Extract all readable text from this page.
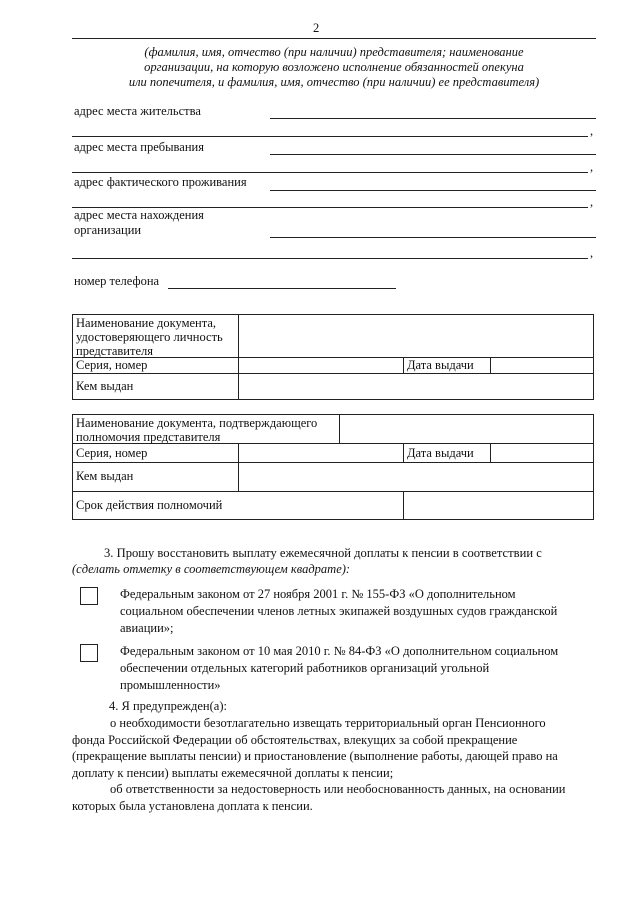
2
(фамилия, имя, отчество (при наличии) представителя; наименование
организации, на которую возложено исполнение обязанностей опекуна
или попечителя, и фамилия, имя, отчество (при наличии) ее представителя)
адрес места жительства
,
адрес места пребывания
,
адрес фактического проживания
,
адрес места нахождения
организации
,
номер телефона
Наименование документа,
удостоверяющего личность
представителя
Серия, номер	Дата выдачи
Кем выдан
Наименование документа, подтверждающего
полномочия представителя
Серия, номер	Дата выдачи
Кем выдан
Срок действия полномочий
3. Прошу восстановить выплату ежемесячной доплаты к пенсии в соответствии с
(сделать отметку в соответствующем квадрате):
Федеральным законом от 27 ноября 2001 г. № 155-ФЗ «О дополнительном
социальном обеспечении членов летных экипажей воздушных судов гражданской
авиации»;
Федеральным законом от 10 мая 2010 г. № 84-ФЗ «О дополнительном социальном
обеспечении отдельных категорий работников организаций угольной
промышленности»
4. Я предупрежден(а):
о необходимости безотлагательно извещать территориальный орган Пенсионного
фонда Российской Федерации об обстоятельствах, влекущих за собой прекращение
(прекращение выплаты пенсии) и приостановление (выполнение работы, дающей право на
доплату к пенсии) выплаты ежемесячной доплаты к пенсии;
об ответственности за недостоверность или необоснованность данных, на основании
которых была установлена доплата к пенсии.
